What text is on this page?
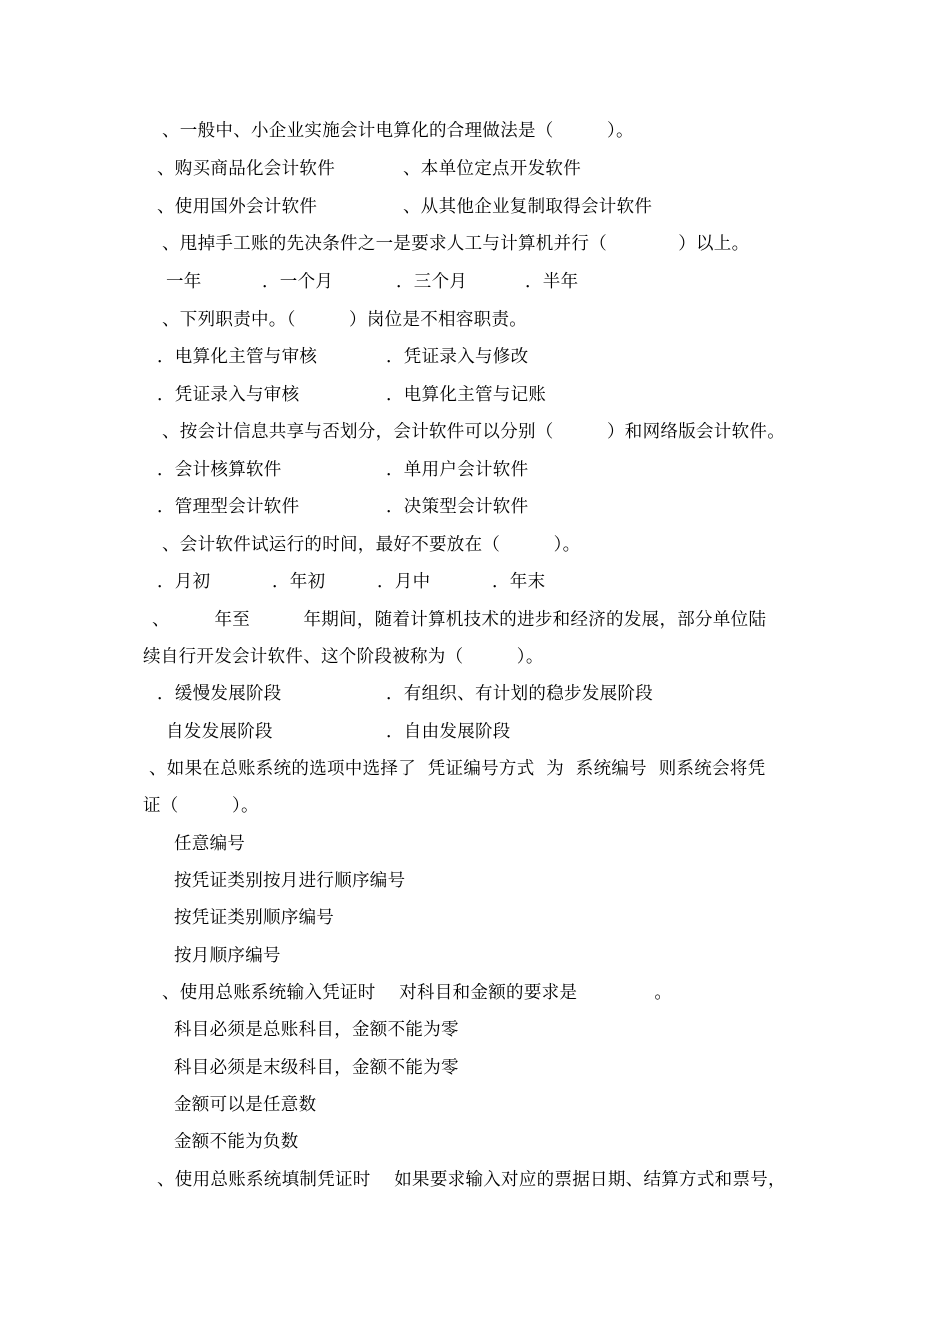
、一般中、小企业实施会计电算化的合理做法是（　　　）。
、购买商品化会计软件	、本单位定点开发软件
、使用国外会计软件	、从其他企业复制取得会计软件
、甩掉手工账的先决条件之一是要求人工与计算机并行（　　　　）以上。
一年	．一个月	．三个月	．半年
、下列职责中。（　　　）岗位是不相容职责。
．电算化主管与审核	．凭证录入与修改
．凭证录入与审核	．电算化主管与记账
、按会计信息共享与否划分，会计软件可以分别（　　　）和网络版会计软件。
．会计核算软件	．单用户会计软件
．管理型会计软件	．决策型会计软件
、会计软件试运行的时间，最好不要放在（　　　）。
．月初	．年初	．月中	．年末
、　　　年至　　　年期间，随着计算机技术的进步和经济的发展，部分单位陆
续自行开发会计软件、这个阶段被称为（　　　）。
．缓慢发展阶段	．有组织、有计划的稳步发展阶段
自发发展阶段	．自由发展阶段
、如果在总账系统的选项中选择了  凭证编号方式  为  系统编号  则系统会将凭
证（　　　）。
任意编号
按凭证类别按月进行顺序编号
按凭证类别顺序编号
按月顺序编号
、使用总账系统输入凭证时　 对科目和金额的要求是　　　　 。
科目必须是总账科目，金额不能为零
科目必须是末级科目，金额不能为零
金额可以是任意数
金额不能为负数
、使用总账系统填制凭证时　 如果要求输入对应的票据日期、结算方式和票号，
